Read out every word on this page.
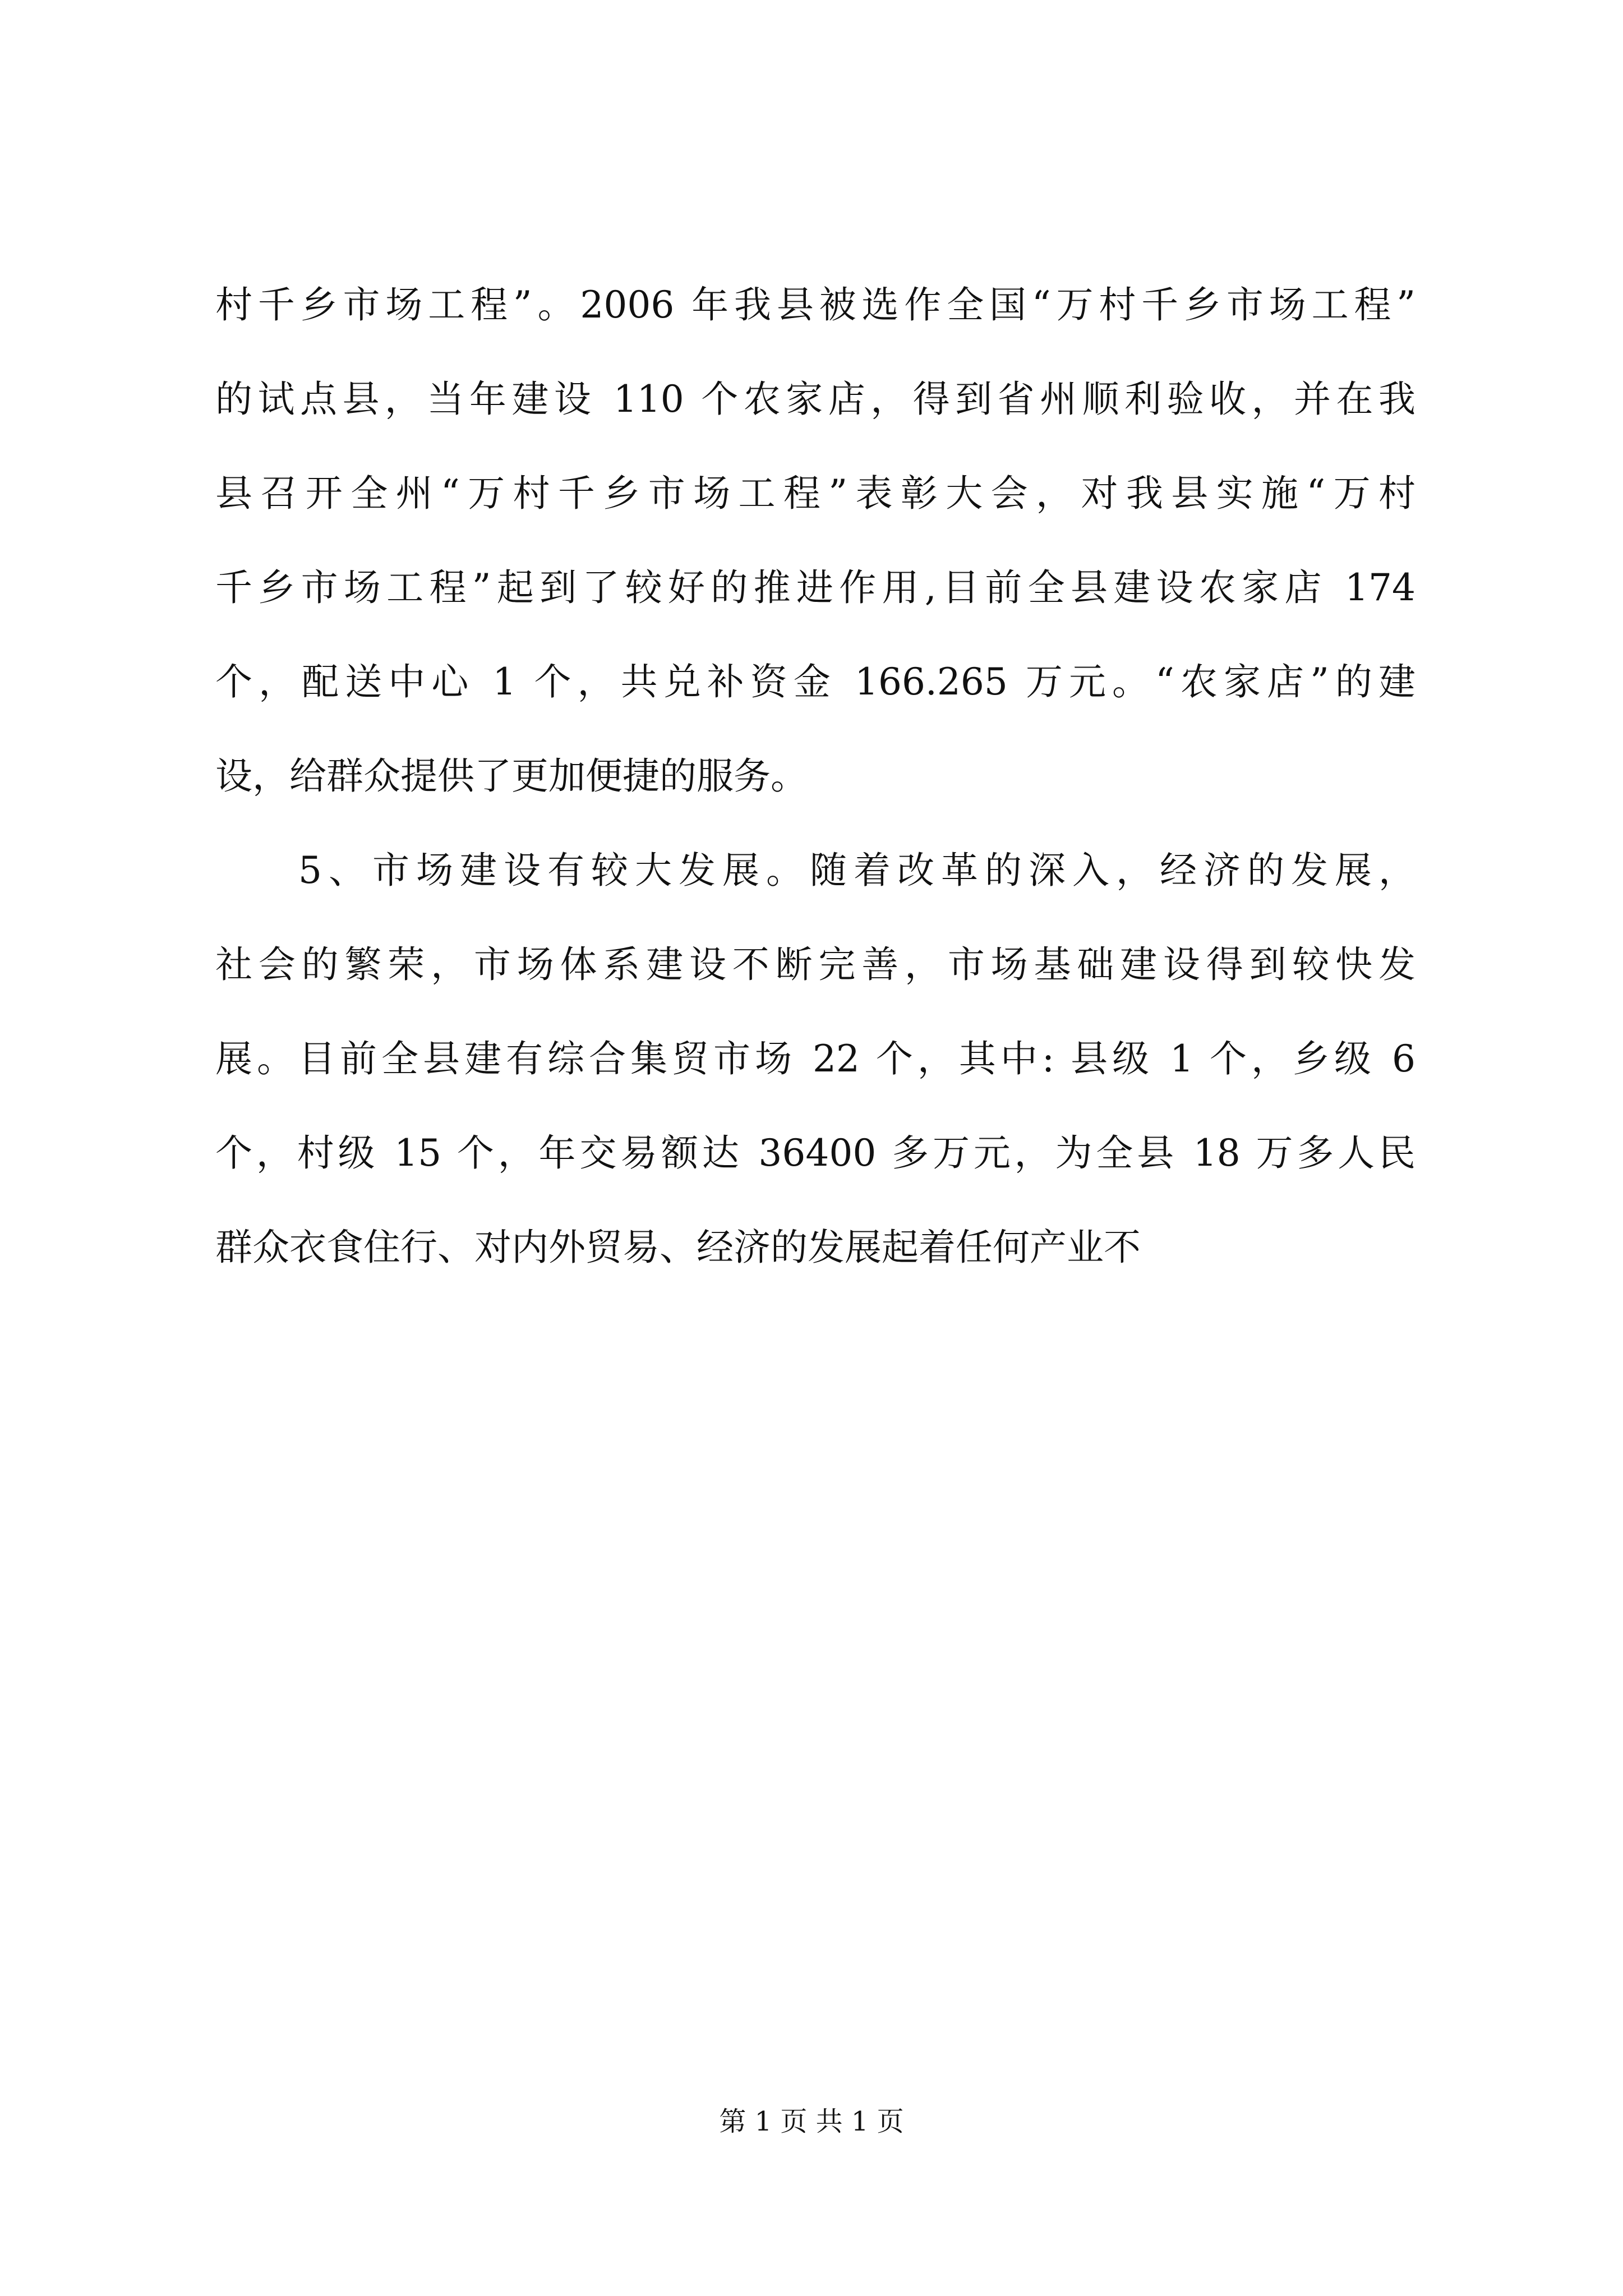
村千乡市场工程”。2006 年我县被选作全国“万村千乡市场工程”
的试点县，当年建设 110 个农家店，得到省州顺利验收，并在我
县召开全州“万村千乡市场工程”表彰大会，对我县实施“万村
千乡市场工程”起到了较好的推进作用,目前全县建设农家店 174
个，配送中心 1 个，共兑补资金 166.265 万元。“农家店”的建
设，给群众提供了更加便捷的服务。
5、市场建设有较大发展。随着改革的深入，经济的发展，
社会的繁荣，市场体系建设不断完善，市场基础建设得到较快发
展。目前全县建有综合集贸市场 22 个，其中: 县级 1 个，乡级 6
个，村级 15 个，年交易额达 36400 多万元，为全县 18 万多人民
群众衣食住行、对内外贸易、经济的发展起着任何产业不
第 1 页 共 1 页
